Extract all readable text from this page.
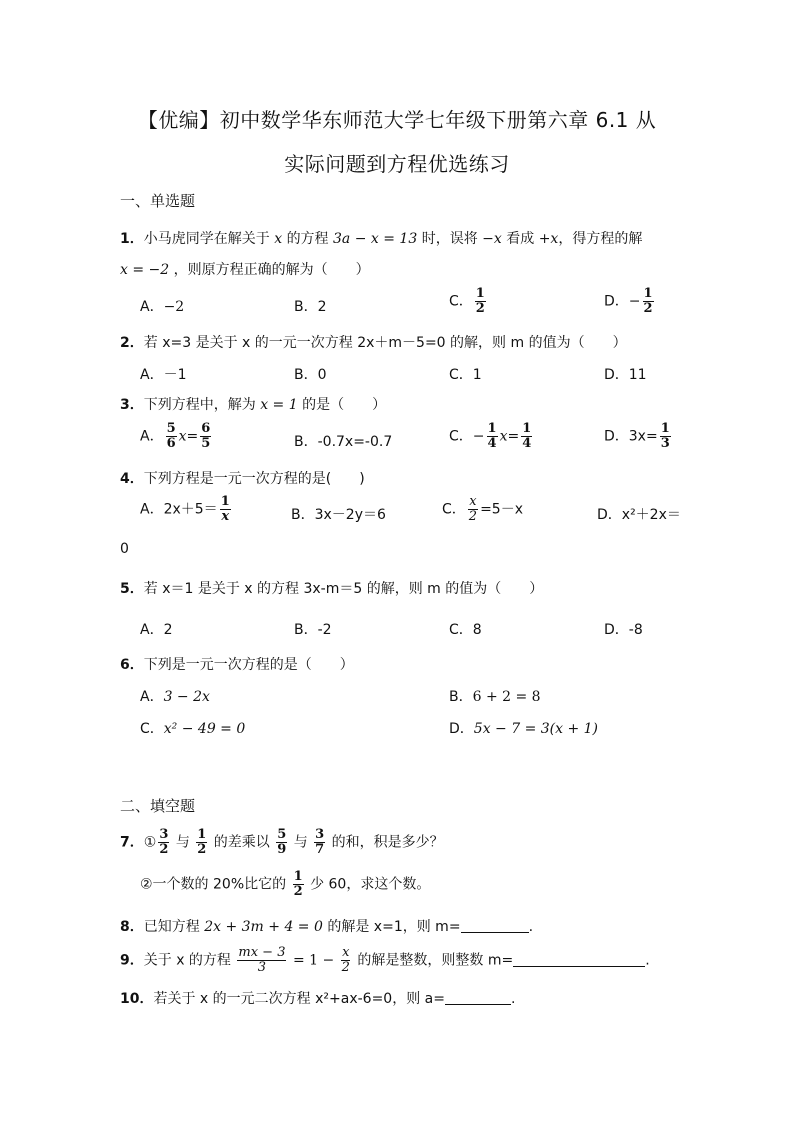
【优编】初中数学华东师范大学七年级下册第六章 6.1 从
实际问题到方程优选练习
一、单选题
1．小马虎同学在解关于 x 的方程 3a − x = 13 时，误将 −x 看成 +x，得方程的解
x = −2 ，则原方程正确的解为（　　）
A．−2	B．2	C． $\frac{1}{2}$	D．− $\frac{1}{2}$
2．若 x=3 是关于 x 的一元一次方程 2x＋m－5=0 的解，则 m 的值为（　　）
A．－1	B．0	C．1	D．11
3．下列方程中，解为 x = 1 的是（　　）
A． $\frac{5}{6} x= \frac{6}{5}$	B．-0.7x=-0.7	C．− $\frac{1}{4} x= \frac{1}{4}$	D．$3x= \frac{1}{3}$
4．下列方程是一元一次方程的是(　　)
A．$2x+5= \frac{1}{x}$	B．3x－2y＝6	C． $\frac{x}{2} =5-x$	D．x²＋2x＝
0
5．若 x＝1 是关于 x 的方程 3x-m＝5 的解，则 m 的值为（　　）
A．2	B．-2	C．8	D．-8
6．下列是一元一次方程的是（　　）
A．3 − 2x	B．6 + 2 = 8
C．x² − 49 = 0	D．5x − 7 = 3(x + 1)
二、填空题
7．① $\frac{3}{2}$ 与 $\frac{1}{2}$ 的差乘以 $\frac{5}{9}$ 与 $\frac{3}{7}$ 的和，积是多少？
②一个数的 20%比它的 $\frac{1}{2}$ 少 60，求这个数。
8．已知方程 2x + 3m + 4 = 0 的解是 x=1，则 m=	.
9．关于 x 的方程 $\frac{mx - 3}{3} = 1 - \frac{x}{2}$ 的解是整数，则整数 m=	.
10．若关于 x 的一元二次方程 x²+ax-6=0，则 a=	.
